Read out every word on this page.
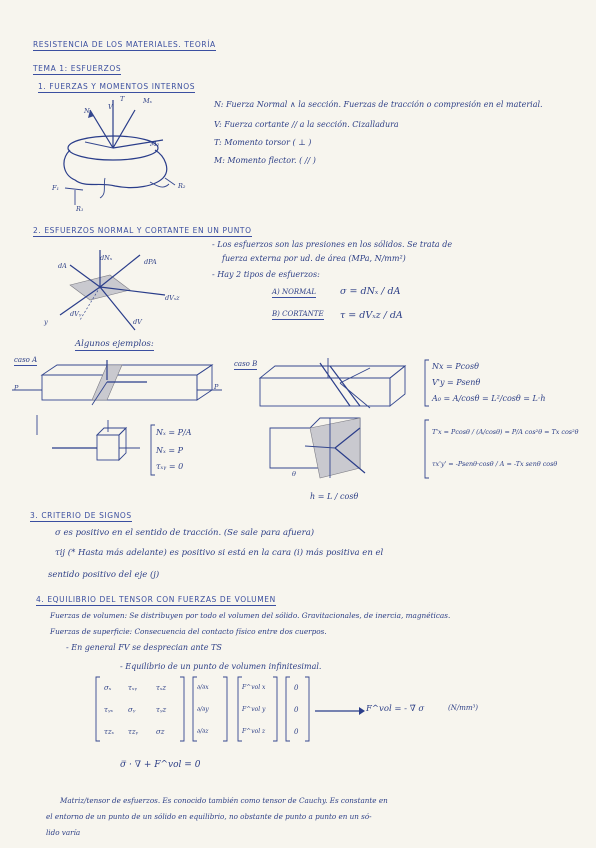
RESISTENCIA DE LOS MATERIALES. TEORÍA
TEMA 1: ESFUERZOS
1. FUERZAS Y MOMENTOS INTERNOS
N	V
T	Mₓ
F₁	R₂
R₁
M₂
N: Fuerza Normal ∧ la sección. Fuerzas de tracción o compresión en el material.
V: Fuerza cortante // a la sección. Cizalladura
T: Momento torsor ( ⊥ )
M: Momento flector. ( // )
2. ESFUERZOS NORMAL Y CORTANTE EN UN PUNTO
dA
dNₓ	dPA
dVₓz
dVᵧ
dV
y
- Los esfuerzos son las presiones en los sólidos. Se trata de
fuerza externa por ud. de área (MPa, N/mm²)
- Hay 2 tipos de esfuerzos:
A) NORMAL	σ = dNₓ / dA
B) CORTANTE τ = dVₓz / dA
Algunos ejemplos:
caso A
P	P
Nₓ = P/A
Nₓ = P
τₓᵧ = 0
caso B
θ
h = L / cosθ
Nx = Pcosθ
V'y = Psenθ
A₀ = A/cosθ = L²/cosθ = L·h
T'x = Pcosθ / (A/cosθ) = P/A cos²θ = Tx cos²θ
τx'y' = -Psenθ·cosθ / A = -Tx senθ cosθ
3. CRITERIO DE SIGNOS
σ es positivo en el sentido de tracción. (Se sale para afuera)
τij (* Hasta más adelante) es positivo si está en la cara (i) más positiva en el
sentido positivo del eje (j)
4. EQUILIBRIO DEL TENSOR CON FUERZAS DE VOLUMEN
Fuerzas de volumen: Se distribuyen por todo el volumen del sólido. Gravitacionales, de inercia, magnéticas.
Fuerzas de superficie: Consecuencia del contacto físico entre dos cuerpos.
- En general FV se desprecian ante TS
- Equilibrio de un punto de volumen infinitesimal.
σₓ τₓᵧ	τₓz
τᵧₓ σᵧ	τᵧz
τzₓ τzᵧ	σz
∂/∂x
∂/∂y
∂/∂z
F^vol x
F^vol y
F^vol z
0
0
0
F^vol = - ∇̃ σ	(N/mm³)
σ̿ · ∇ + F^vol = 0
Matriz/tensor de esfuerzos. Es conocido también como tensor de Cauchy. Es constante en
el entorno de un punto de un sólido en equilibrio, no obstante de punto a punto en un só-
lido varía
